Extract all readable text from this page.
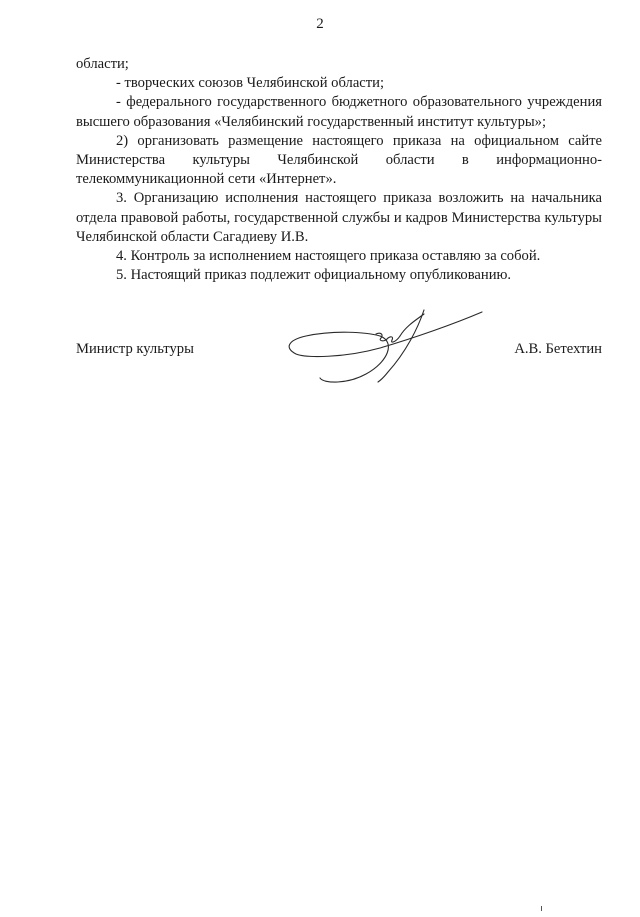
2

области;

- творческих союзов Челябинской области;

- федерального государственного бюджетного образовательного учреждения высшего образования «Челябинский государственный институт культуры»;

2) организовать размещение настоящего приказа на официальном сайте Министерства культуры Челябинской области в информационно-телекоммуникационной сети «Интернет».

3. Организацию исполнения настоящего приказа возложить на начальника отдела правовой работы, государственной службы и кадров Министерства культуры Челябинской области Сагадиеву И.В.

4. Контроль за исполнением настоящего приказа оставляю за собой.

5. Настоящий приказ подлежит официальному опубликованию.

Министр культуры	А.В. Бетехтин
